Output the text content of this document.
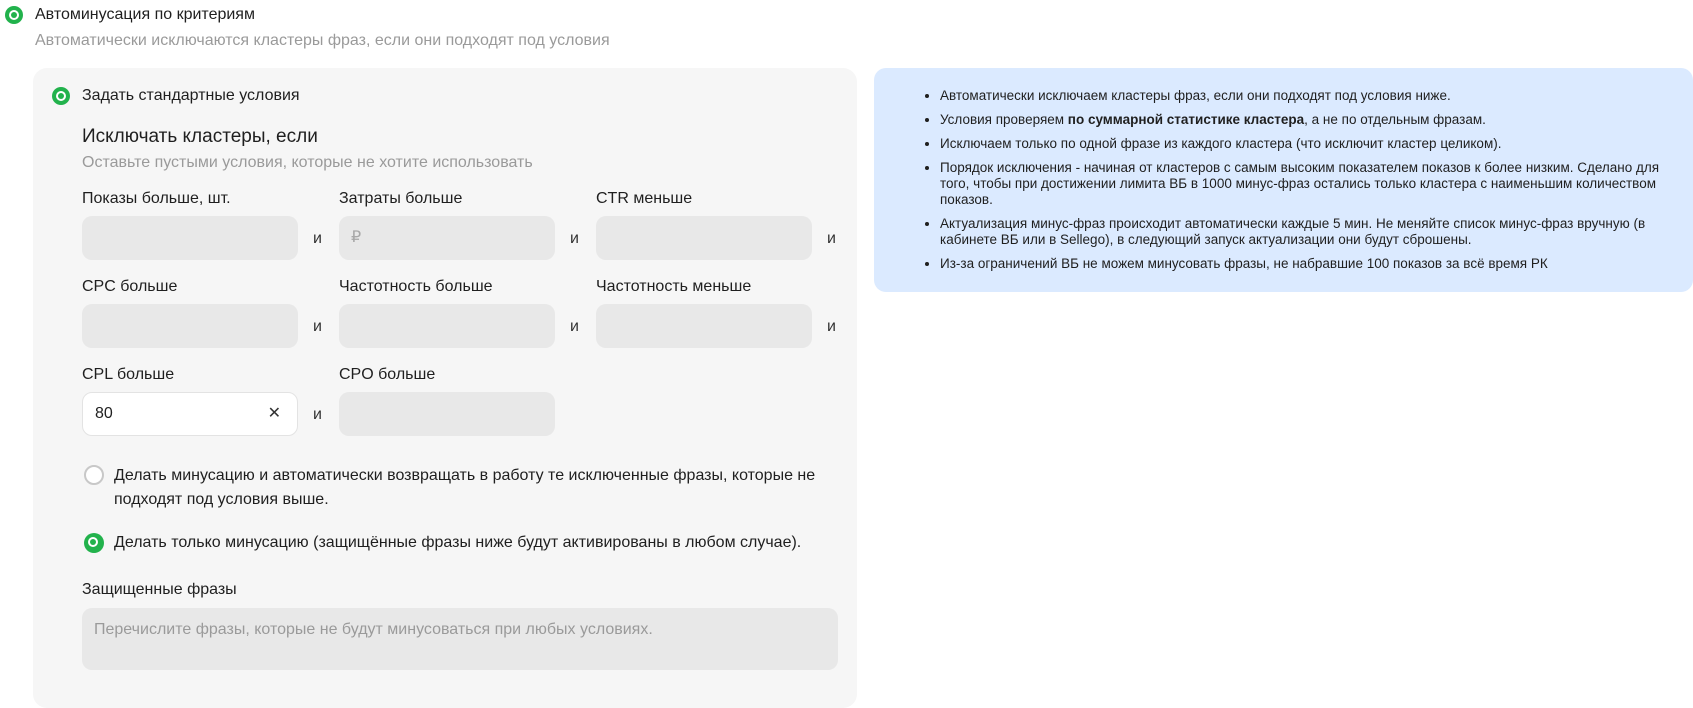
Автоминусация по критериям
Автоматически исключаются кластеры фраз, если они подходят под условия
Задать стандартные условия
Исключать кластеры, если
Оставьте пустыми условия, которые не хотите использовать
Показы больше, шт.
и
Затраты больше
₽	и
CTR меньше
и
CPC больше
и
Частотность больше
и
Частотность меньше
и
CPL больше
80	✕ и
CPO больше
Делать минусацию и автоматически возвращать в работу те исключенные фразы, которые не подходят под условия выше.
Делать только минусацию (защищённые фразы ниже будут активированы в любом случае).
Защищенные фразы
Перечислите фразы, которые не будут минусоваться при любых условиях.
• Автоматически исключаем кластеры фраз, если они подходят под условия ниже.
• Условия проверяем по суммарной статистике кластера, а не по отдельным фразам.
• Исключаем только по одной фразе из каждого кластера (что исключит кластер целиком).
• Порядок исключения - начиная от кластеров с самым высоким показателем показов к более низким. Сделано для того, чтобы при достижении лимита ВБ в 1000 минус-фраз остались только кластера с наименьшим количеством показов.
• Актуализация минус-фраз происходит автоматически каждые 5 мин. Не меняйте список минус-фраз вручную (в кабинете ВБ или в Sellego), в следующий запуск актуализации они будут сброшены.
• Из-за ограничений ВБ не можем минусовать фразы, не набравшие 100 показов за всё время РК
